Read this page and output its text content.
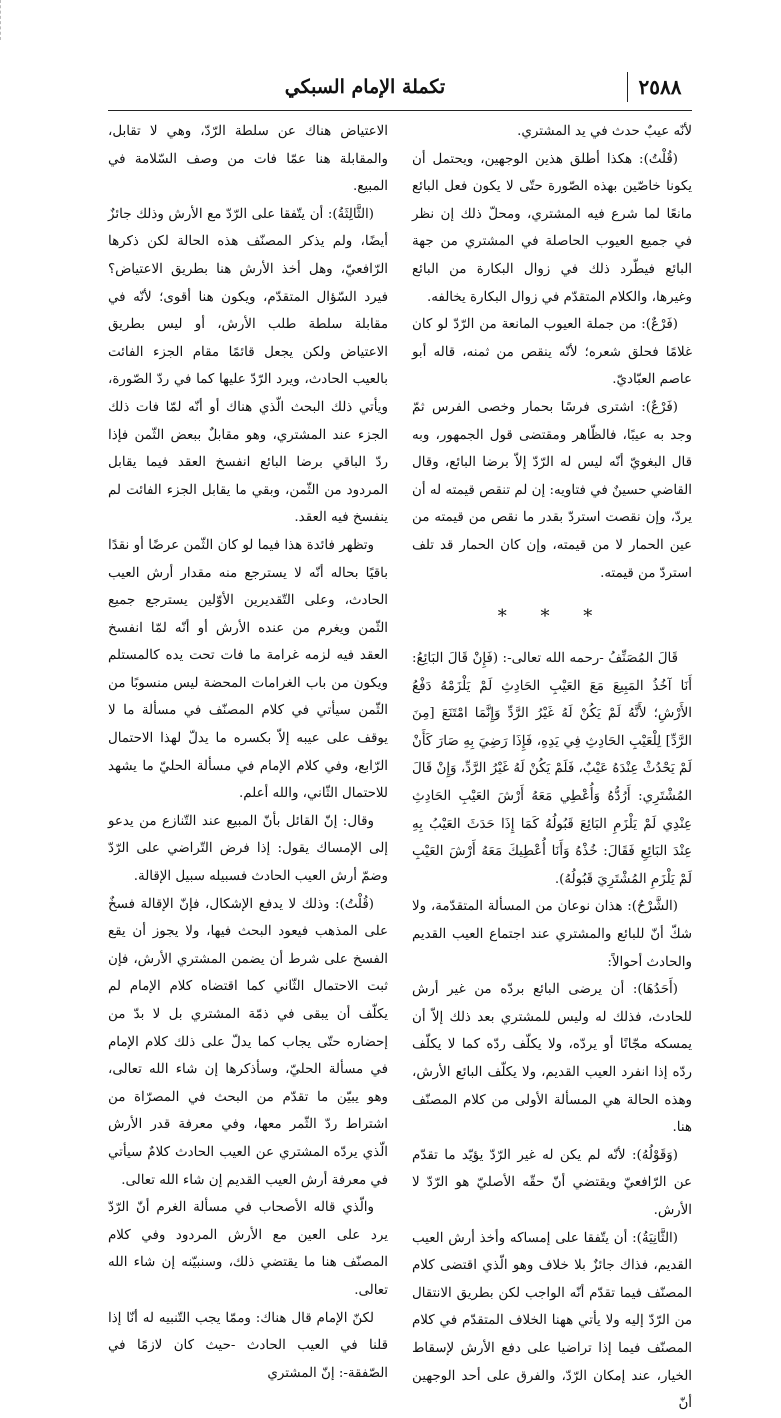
٢٥٨٨
تكملة الإمام السبكي

لأنّه عيبٌ حدث في يد المشتري.

(قُلْتُ): هكذا أطلق هذين الوجهين، ويحتمل أن يكونا خاصّين بهذه الصّورة حتّى لا يكون فعل البائع مانعًا لما شرع فيه المشتري، ومحلّ ذلك إن نظر في جميع العيوب الحاصلة في المشتري من جهة البائع فيطّرد ذلك في زوال البكارة من البائع وغيرها، والكلام المتقدّم في زوال البكارة يخالفه.

(فَرْعٌ): من جملة العيوب المانعة من الرّدّ لو كان غلامًا فحلق شعره؛ لأنّه ينقص من ثمنه، قاله أبو عاصم العبّاديّ.

(فَرْعٌ): اشترى فرسًا بحمار وخصى الفرس ثمّ وجد به عيبًا، فالظّاهر ومقتضى قول الجمهور، وبه قال البغويّ أنّه ليس له الرّدّ إلاّ برضا البائع، وقال القاضي حسينٌ في فتاويه: إن لم تنقص قيمته له أن يردّ، وإن نقصت استردّ بقدر ما نقص من قيمته من عين الحمار لا من قيمته، وإن كان الحمار قد تلف استردّ من قيمته.

* * *

قَالَ المُصَنِّفُ -رحمه الله تعالى-: (فَإِنْ قَالَ البَائِعُ: أَنَا آخُذُ المَبِيعَ مَعَ العَيْبِ الحَادِثِ لَمْ يَلْزَمْهُ دَفْعُ الأَرْشِ؛ لأَنَّهُ لَمْ يَكُنْ لَهُ غَيْرُ الرَّدِّ وَإِنَّمَا امْتَنَعَ [مِنَ الرَّدِّ] لِلْعَيْبِ الحَادِثِ فِي يَدِهِ، فَإِذَا رَضِيَ بِهِ صَارَ كَأَنْ لَمْ يَحْدُثْ عِنْدَهُ عَيْبٌ، فَلَمْ يَكُنْ لَهُ غَيْرُ الرَّدِّ، وَإِنْ قَالَ المُشْتَرِي: أَرُدُّهُ وَأُعْطِي مَعَهُ أَرْشَ العَيْبِ الحَادِثِ عِنْدِي لَمْ يَلْزَمِ البَائِعَ قَبُولُهُ كَمَا إِذَا حَدَثَ العَيْبُ بِهِ عِنْدَ البَائِعِ فَقَالَ: خُذْهُ وَأَنَا أُعْطِيكَ مَعَهُ أَرْشَ العَيْبِ لَمْ يَلْزَمِ المُشْتَرِيَ قَبُولُهُ).

(الشَّرْحُ): هذان نوعان من المسألة المتقدّمة، ولا شكّ أنّ للبائع والمشتري عند اجتماع العيب القديم والحادث أحوالاً:

(أَحَدُهَا): أن يرضى البائع بردّه من غير أرش للحادث، فذلك له وليس للمشتري بعد ذلك إلاّ أن يمسكه مجّانًا أو يردّه، ولا يكلّف ردّه كما لا يكلّف ردّه إذا انفرد العيب القديم، ولا يكلّف البائع الأرش، وهذه الحالة هي المسألة الأولى من كلام المصنّف هنا.

(وَقَوْلُهُ): لأنّه لم يكن له غير الرّدّ يؤيّد ما تقدّم عن الرّافعيّ ويقتضي أنّ حقّه الأصليّ هو الرّدّ لا الأرش.

(الثَّانِيَةُ): أن يتّفقا على إمساكه وأخذ أرش العيب القديم، فذاك جائزٌ بلا خلاف وهو الّذي اقتضى كلام المصنّف فيما تقدّم أنّه الواجب لكن بطريق الانتقال من الرّدّ إليه ولا يأتي ههنا الخلاف المتقدّم في كلام المصنّف فيما إذا تراضيا على دفع الأرش لإسقاط الخيار، عند إمكان الرّدّ، والفرق على أحد الوجهين أنّ

الاعتياض هناك عن سلطة الرّدّ، وهي لا تقابل، والمقابلة هنا عمّا فات من وصف السّلامة في المبيع.

(الثَّالِثَةُ): أن يتّفقا على الرّدّ مع الأرش وذلك جائزٌ أيضًا، ولم يذكر المصنّف هذه الحالة لكن ذكرها الرّافعيّ، وهل أخذ الأرش هنا بطريق الاعتياض؟ فيرد السّؤال المتقدّم، ويكون هنا أقوى؛ لأنّه في مقابلة سلطة طلب الأرش، أو ليس بطريق الاعتياض ولكن يجعل قائمًا مقام الجزء الفائت بالعيب الحادث، ويرد الرّدّ عليها كما في ردّ الصّورة، ويأتي ذلك البحث الّذي هناك أو أنّه لمّا فات ذلك الجزء عند المشتري، وهو مقابلٌ ببعض الثّمن فإذا ردّ الباقي برضا البائع انفسخ العقد فيما يقابل المردود من الثّمن، وبقي ما يقابل الجزء الفائت لم ينفسخ فيه العقد.

وتظهر فائدة هذا فيما لو كان الثّمن عرضًا أو نقدًا باقيًا بحاله أنّه لا يسترجع منه مقدار أرش العيب الحادث، وعلى التّقديرين الأوّلين يسترجع جميع الثّمن ويغرم من عنده الأرش أو أنّه لمّا انفسخ العقد فيه لزمه غرامة ما فات تحت يده كالمستلم ويكون من باب الغرامات المحضة ليس منسوبًا من الثّمن سيأتي في كلام المصنّف في مسألة ما لا يوقف على عيبه إلاّ بكسره ما يدلّ لهذا الاحتمال الرّابع، وفي كلام الإمام في مسألة الحليّ ما يشهد للاحتمال الثّاني، والله أعلم.

وقال: إنّ القائل بأنّ المبيع عند التّنازع من يدعو إلى الإمساك يقول: إذا فرض التّراضي على الرّدّ وضمّ أرش العيب الحادث فسبيله سبيل الإقالة.

(قُلْتُ): وذلك لا يدفع الإشكال، فإنّ الإقالة فسخٌ على المذهب فيعود البحث فيها، ولا يجوز أن يقع الفسخ على شرط أن يضمن المشتري الأرش، فإن ثبت الاحتمال الثّاني كما اقتضاه كلام الإمام لم يكلّف أن يبقى في ذمّة المشتري بل لا بدّ من إحضاره حتّى يجاب كما يدلّ على ذلك كلام الإمام في مسألة الحليّ، وسأذكرها إن شاء الله تعالى، وهو يبيّن ما تقدّم من البحث في المصرّاة من اشتراط ردّ الثّمر معها، وفي معرفة قدر الأرش الّذي يردّه المشتري عن العيب الحادث كلامٌ سيأتي في معرفة أرش العيب القديم إن شاء الله تعالى.

والّذي قاله الأصحاب في مسألة الغرم أنّ الرّدّ يرد على العين مع الأرش المردود وفي كلام المصنّف هنا ما يقتضي ذلك، وسنبيّنه إن شاء الله تعالى.

لكنّ الإمام قال هناك: وممّا يجب التّنبيه له أنّا إذا قلنا في العيب الحادث -حيث كان لازمًا في الصّفقة-: إنّ المشتري
